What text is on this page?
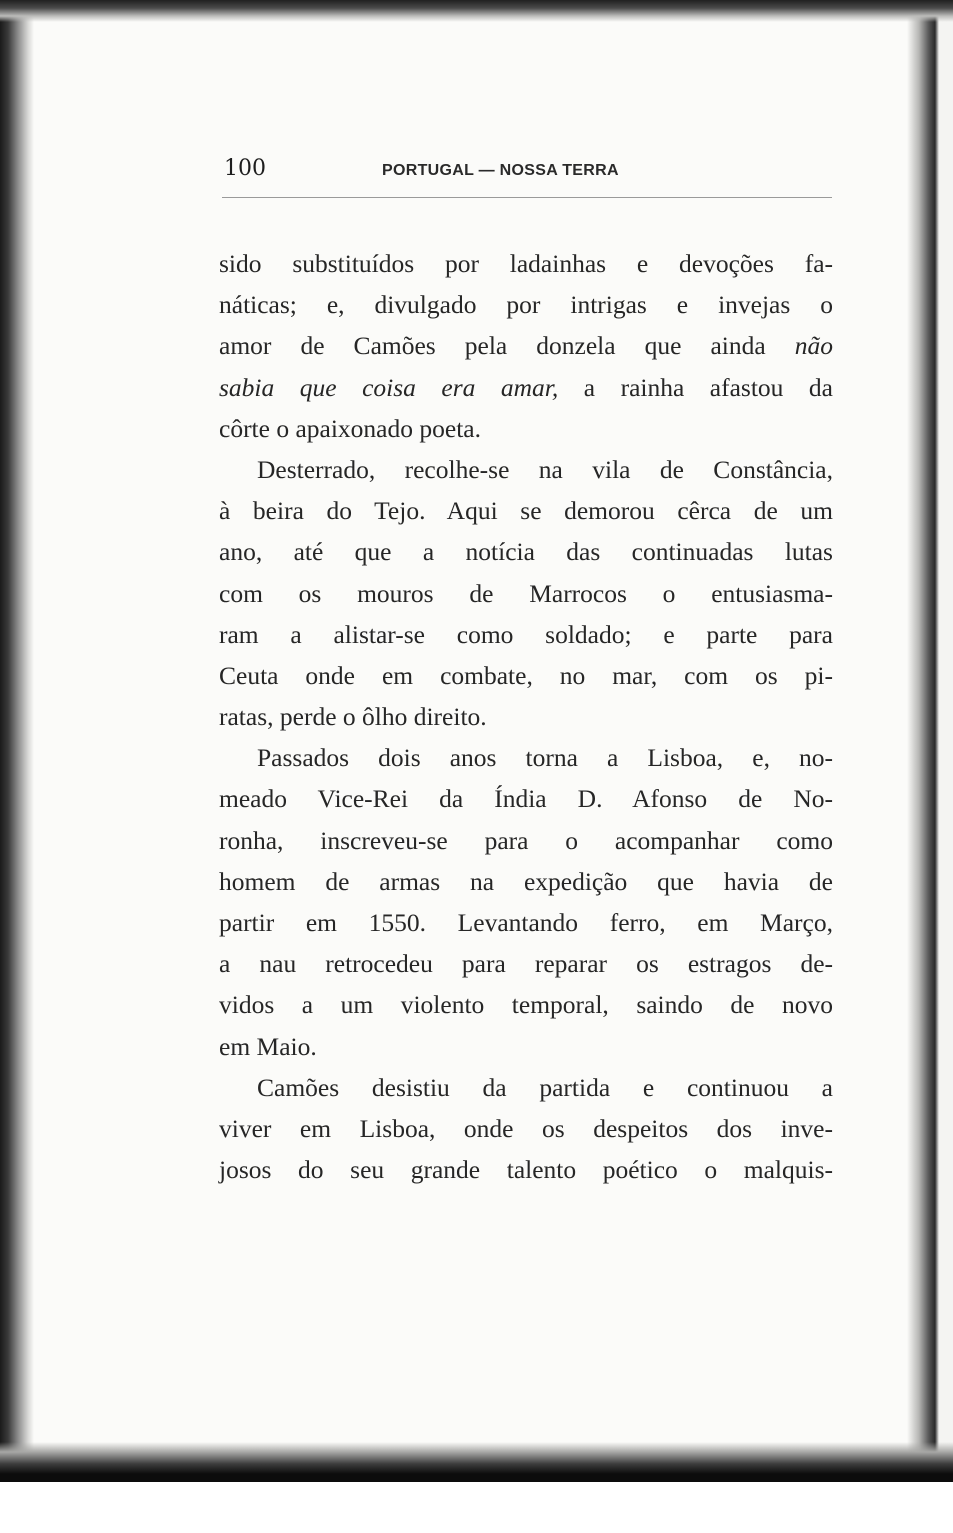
100	PORTUGAL — NOSSA TERRA
sido substituídos por ladainhas e devoções fa-
náticas; e, divulgado por intrigas e invejas o
amor de Camões pela donzela que ainda não
sabia que coisa era amar, a rainha afastou da
côrte o apaixonado poeta.
Desterrado, recolhe-se na vila de Constância,
à beira do Tejo. Aqui se demorou cêrca de um
ano, até que a notícia das continuadas lutas
com os mouros de Marrocos o entusiasma-
ram a alistar-se como soldado; e parte para
Ceuta onde em combate, no mar, com os pi-
ratas, perde o ôlho direito.
Passados dois anos torna a Lisboa, e, no-
meado Vice-Rei da Índia D. Afonso de No-
ronha, inscreveu-se para o acompanhar como
homem de armas na expedição que havia de
partir em 1550. Levantando ferro, em Março,
a nau retrocedeu para reparar os estragos de-
vidos a um violento temporal, saindo de novo
em Maio.
Camões desistiu da partida e continuou a
viver em Lisboa, onde os despeitos dos inve-
josos do seu grande talento poético o malquis-
